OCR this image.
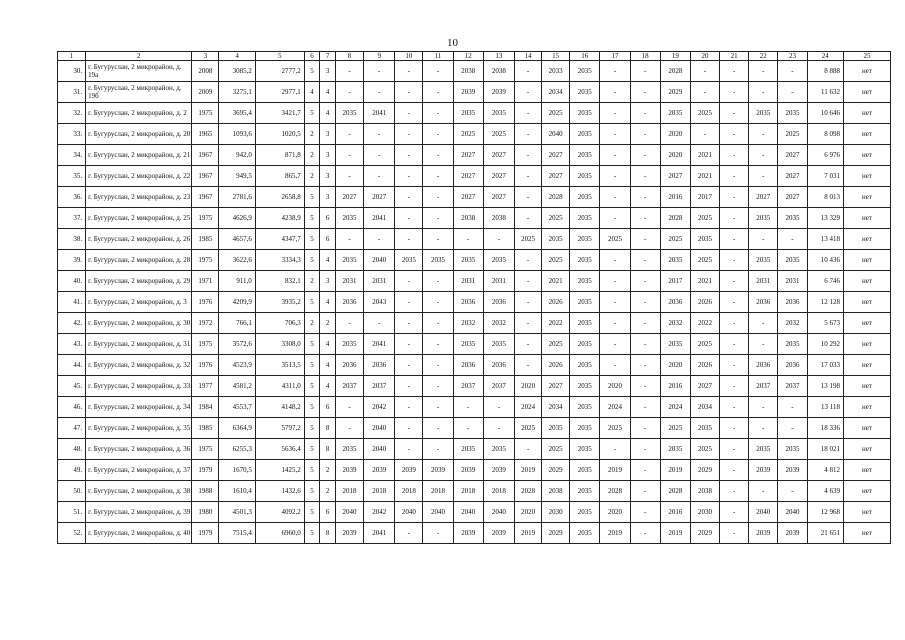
10
1	2	3	4	5	6	7	8	9	10	11	12	13	14	15	16	17	18	19	20	21	22	23	24	25
30.	г. Бугуруслан, 2 микрорайон, д. 19а	2008	3085,2	2777,2	5	3	-	-	-	-	2038	2038	-	2033	2035	-	-	2028	-	-	-	-	8 888	нет
31.	г. Бугуруслан, 2 микрорайон, д. 19б	2009	3275,1	2977,1	4	4	-	-	-	-	2039	2039	-	2034	2035	-	-	2029	-	-	-	-	11 632	нет
32.	г. Бугуруслан, 2 микрорайон, д. 2	1975	3695,4	3421,7	5	4	2035	2041	-	-	2035	2035	-	2025	2035	-	-	2035	2025	-	2035	2035	10 646	нет
33.	г. Бугуруслан, 2 микрорайон, д. 20	1965	1093,6	1020,5	2	3	-	-	-	-	2025	2025	-	2040	2035	-	-	2020	-	-	-	2025	8 098	нет
34.	г. Бугуруслан, 2 микрорайон, д. 21	1967	942,0	871,8	2	3	-	-	-	-	2027	2027	-	2027	2035	-	-	2020	2021	-	-	2027	6 976	нет
35.	г. Бугуруслан, 2 микрорайон, д. 22	1967	949,5	865,7	2	3	-	-	-	-	2027	2027	-	2027	2035	-	-	2027	2021	-	-	2027	7 031	нет
36.	г. Бугуруслан, 2 микрорайон, д. 23	1967	2781,6	2658,8	5	3	2027	2027	-	-	2027	2027	-	2028	2035	-	-	2016	2017	-	2027	2027	8 013	нет
37.	г. Бугуруслан, 2 микрорайон, д. 25	1975	4626,9	4238,9	5	6	2035	2041	-	-	2038	2038	-	2025	2035	-	-	2028	2025	-	2035	2035	13 329	нет
38.	г. Бугуруслан, 2 микрорайон, д. 26	1985	4657,6	4347,7	5	6	-	-	-	-	-	-	2025	2035	2035	2025	-	2025	2035	-	-	-	13 418	нет
39.	г. Бугуруслан, 2 микрорайон, д. 28	1975	3622,6	3334,3	5	4	2035	2040	2035	2035	2035	2035	-	2025	2035	-	-	2035	2025	-	2035	2035	10 436	нет
40.	г. Бугуруслан, 2 микрорайон, д. 29	1971	911,0	832,1	2	3	2031	2031	-	-	2031	2031	-	2021	2035	-	-	2017	2021	-	2031	2031	6 746	нет
41.	г. Бугуруслан, 2 микрорайон, д. 3	1976	4209,9	3935,2	5	4	2036	2043	-	-	2036	2036	-	2026	2035	-	-	2036	2026	-	2036	2036	12 128	нет
42.	г. Бугуруслан, 2 микрорайон, д. 30	1972	766,1	706,3	2	2	-	-	-	-	2032	2032	-	2022	2035	-	-	2032	2022	-	-	2032	5 673	нет
43.	г. Бугуруслан, 2 микрорайон, д. 31	1975	3572,6	3308,0	5	4	2035	2041	-	-	2035	2035	-	2025	2035	-	-	2035	2025	-	-	2035	10 292	нет
44.	г. Бугуруслан, 2 микрорайон, д. 32	1976	4523,9	3513,5	5	4	2036	2036	-	-	2036	2036	-	2026	2035	-	-	2020	2026	-	2036	2036	17 033	нет
45.	г. Бугуруслан, 2 микрорайон, д. 33	1977	4581,2	4311,0	5	4	2037	2037	-	-	2037	2037	2020	2027	2035	2020	-	2016	2027	-	2037	2037	13 198	нет
46.	г. Бугуруслан, 2 микрорайон, д. 34	1984	4553,7	4148,2	5	6	-	2042	-	-	-	-	2024	2034	2035	2024	-	2024	2034	-	-	-	13 118	нет
47.	г. Бугуруслан, 2 микрорайон, д. 35	1985	6364,9	5797,2	5	8	-	2040	-	-	-	-	2025	2035	2035	2025	-	2025	2035	-	-	-	18 336	нет
48.	г. Бугуруслан, 2 микрорайон, д. 36	1975	6255,3	5636,4	5	8	2035	2040	-	-	2035	2035	-	2025	2035	-	-	2035	2025	-	2035	2035	18 021	нет
49.	г. Бугуруслан, 2 микрорайон, д. 37	1979	1670,5	1425,2	5	2	2039	2039	2039	2039	2039	2039	2019	2029	2035	2019	-	2019	2029	-	2039	2039	4 812	нет
50.	г. Бугуруслан, 2 микрорайон, д. 38	1988	1610,4	1432,6	5	2	2018	2018	2018	2018	2018	2018	2028	2038	2035	2028	-	2028	2038	-	-	-	4 639	нет
51.	г. Бугуруслан, 2 микрорайон, д. 39	1980	4501,3	4092,2	5	6	2040	2042	2040	2040	2040	2040	2020	2030	2035	2020	-	2016	2030	-	2040	2040	12 968	нет
52.	г. Бугуруслан, 2 микрорайон, д. 40	1979	7515,4	6960,0	5	8	2039	2041	-	-	2039	2039	2019	2029	2035	2019	-	2019	2029	-	2039	2039	21 651	нет
